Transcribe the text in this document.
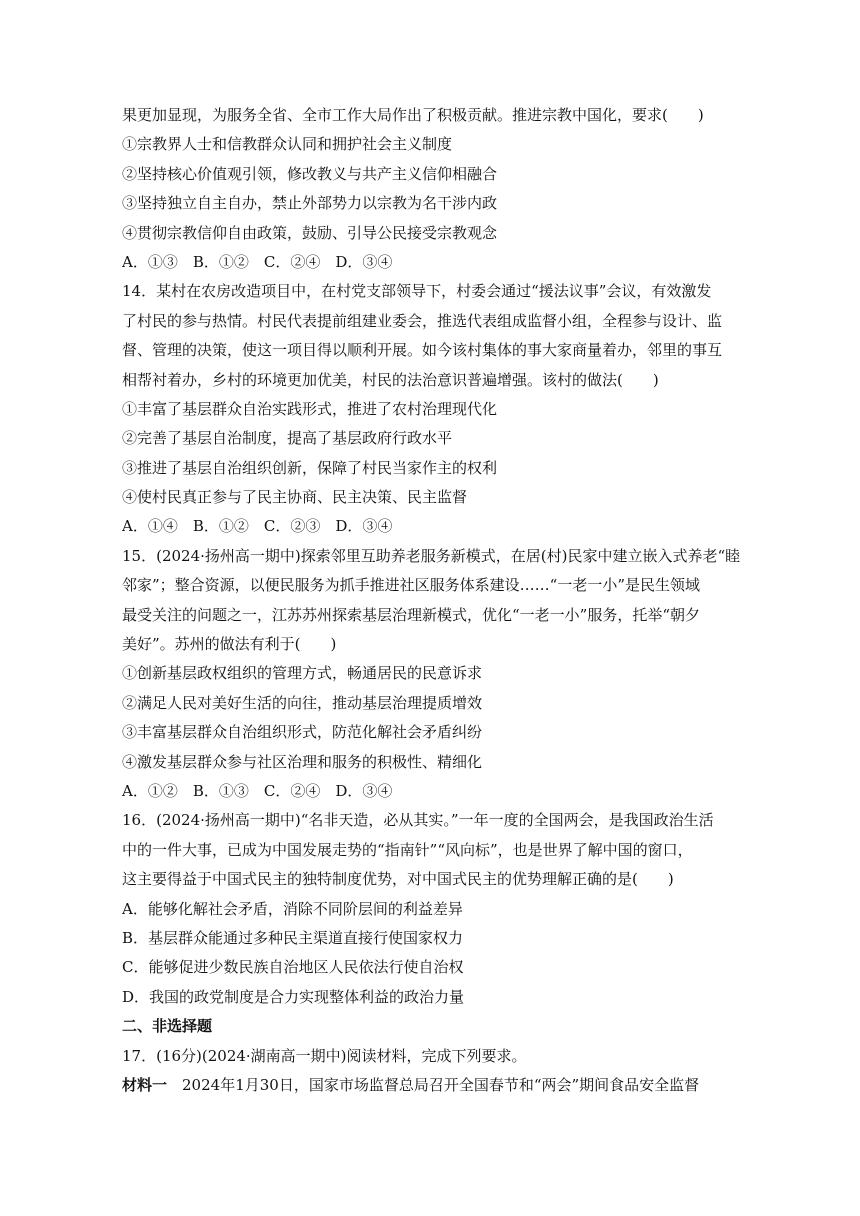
果更加显现，为服务全省、全市工作大局作出了积极贡献。推进宗教中国化，要求(　　)
①宗教界人士和信教群众认同和拥护社会主义制度
②坚持核心价值观引领，修改教义与共产主义信仰相融合
③坚持独立自主自办，禁止外部势力以宗教为名干涉内政
④贯彻宗教信仰自由政策，鼓励、引导公民接受宗教观念
A．①③　B．①②　C．②④　D．③④
14．某村在农房改造项目中，在村党支部领导下，村委会通过“援法议事”会议，有效激发
了村民的参与热情。村民代表提前组建业委会，推选代表组成监督小组，全程参与设计、监
督、管理的决策，使这一项目得以顺利开展。如今该村集体的事大家商量着办，邻里的事互
相帮衬着办，乡村的环境更加优美，村民的法治意识普遍增强。该村的做法(　　)
①丰富了基层群众自治实践形式，推进了农村治理现代化
②完善了基层自治制度，提高了基层政府行政水平
③推进了基层自治组织创新，保障了村民当家作主的权利
④使村民真正参与了民主协商、民主决策、民主监督
A．①④　B．①②　C．②③　D．③④
15．(2024·扬州高一期中)探索邻里互助养老服务新模式，在居(村)民家中建立嵌入式养老“睦
邻家”；整合资源，以便民服务为抓手推进社区服务体系建设……“一老一小”是民生领域
最受关注的问题之一，江苏苏州探索基层治理新模式，优化“一老一小”服务，托举“朝夕
美好”。苏州的做法有利于(　　)
①创新基层政权组织的管理方式，畅通居民的民意诉求
②满足人民对美好生活的向往，推动基层治理提质增效
③丰富基层群众自治组织形式，防范化解社会矛盾纠纷
④激发基层群众参与社区治理和服务的积极性、精细化
A．①②　B．①③　C．②④　D．③④
16．(2024·扬州高一期中)“名非天造，必从其实。”一年一度的全国两会，是我国政治生活
中的一件大事，已成为中国发展走势的“指南针”“风向标”，也是世界了解中国的窗口，
这主要得益于中国式民主的独特制度优势，对中国式民主的优势理解正确的是(　　)
A．能够化解社会矛盾，消除不同阶层间的利益差异
B．基层群众能通过多种民主渠道直接行使国家权力
C．能够促进少数民族自治地区人民依法行使自治权
D．我国的政党制度是合力实现整体利益的政治力量
二、非选择题
17．(16分)(2024·湖南高一期中)阅读材料，完成下列要求。
材料一　2024年1月30日，国家市场监督总局召开全国春节和“两会”期间食品安全监督
